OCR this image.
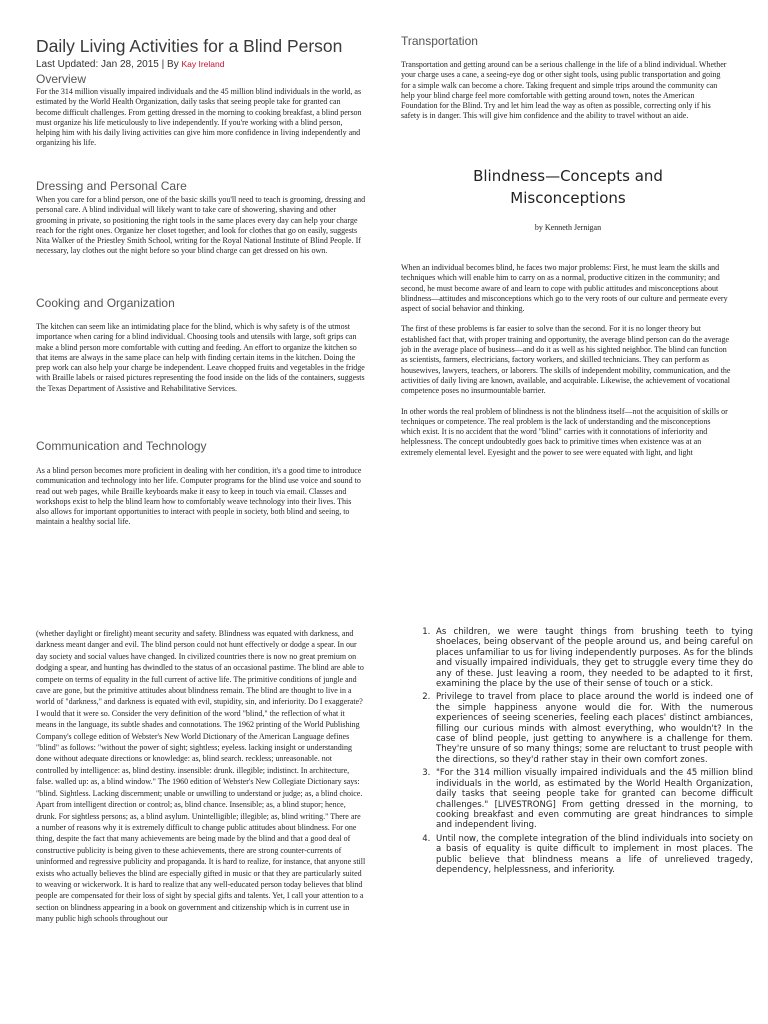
Daily Living Activities for a Blind Person
Last Updated: Jan 28, 2015 | By Kay Ireland
Overview
For the 314 million visually impaired individuals and the 45 million blind individuals in the world, as estimated by the World Health Organization, daily tasks that seeing people take for granted can become difficult challenges. From getting dressed in the morning to cooking breakfast, a blind person must organize his life meticulously to live independently. If you're working with a blind person, helping him with his daily living activities can give him more confidence in living independently and organizing his life.
Dressing and Personal Care
When you care for a blind person, one of the basic skills you'll need to teach is grooming, dressing and personal care. A blind individual will likely want to take care of showering, shaving and other grooming in private, so positioning the right tools in the same places every day can help your charge reach for the right ones. Organize her closet together, and look for clothes that go on easily, suggests Nita Walker of the Priestley Smith School, writing for the Royal National Institute of Blind People. If necessary, lay clothes out the night before so your blind charge can get dressed on his own.
Cooking and Organization
The kitchen can seem like an intimidating place for the blind, which is why safety is of the utmost importance when caring for a blind individual. Choosing tools and utensils with large, soft grips can make a blind person more comfortable with cutting and feeding. An effort to organize the kitchen so that items are always in the same place can help with finding certain items in the kitchen. Doing the prep work can also help your charge be independent. Leave chopped fruits and vegetables in the fridge with Braille labels or raised pictures representing the food inside on the lids of the containers, suggests the Texas Department of Assistive and Rehabilitative Services.
Communication and Technology
As a blind person becomes more proficient in dealing with her condition, it's a good time to introduce communication and technology into her life. Computer programs for the blind use voice and sound to read out web pages, while Braille keyboards make it easy to keep in touch via email. Classes and workshops exist to help the blind learn how to comfortably weave technology into their lives. This also allows for important opportunities to interact with people in society, both blind and seeing, to maintain a healthy social life.
Transportation
Transportation and getting around can be a serious challenge in the life of a blind individual. Whether your charge uses a cane, a seeing-eye dog or other sight tools, using public transportation and going for a simple walk can become a chore. Taking frequent and simple trips around the community can help your blind charge feel more comfortable with getting around town, notes the American Foundation for the Blind. Try and let him lead the way as often as possible, correcting only if his safety is in danger. This will give him confidence and the ability to travel without an aide.
Blindness—Concepts and Misconceptions
by Kenneth Jernigan

When an individual becomes blind, he faces two major problems: First, he must learn the skills and techniques which will enable him to carry on as a normal, productive citizen in the community; and second, he must become aware of and learn to cope with public attitudes and misconceptions about blindness—attitudes and misconceptions which go to the very roots of our culture and permeate every aspect of social behavior and thinking.

The first of these problems is far easier to solve than the second. For it is no longer theory but established fact that, with proper training and opportunity, the average blind person can do the average job in the average place of business—and do it as well as his sighted neighbor. The blind can function as scientists, farmers, electricians, factory workers, and skilled technicians. They can perform as housewives, lawyers, teachers, or laborers. The skills of independent mobility, communication, and the activities of daily living are known, available, and acquirable. Likewise, the achievement of vocational competence poses no insurmountable barrier.

In other words the real problem of blindness is not the blindness itself—not the acquisition of skills or techniques or competence. The real problem is the lack of understanding and the misconceptions which exist. It is no accident that the word "blind" carries with it connotations of inferiority and helplessness. The concept undoubtedly goes back to primitive times when existence was at an extremely elemental level. Eyesight and the power to see were equated with light, and light

(whether daylight or firelight) meant security and safety. Blindness was equated with darkness, and darkness meant danger and evil. The blind person could not hunt effectively or dodge a spear. In our day society and social values have changed. In civilized countries there is now no great premium on dodging a spear, and hunting has dwindled to the status of an occasional pastime. The blind are able to compete on terms of equality in the full current of active life. The primitive conditions of jungle and cave are gone, but the primitive attitudes about blindness remain. The blind are thought to live in a world of "darkness," and darkness is equated with evil, stupidity, sin, and inferiority. Do I exaggerate? I would that it were so. Consider the very definition of the word "blind," the reflection of what it means in the language, its subtle shades and connotations. The 1962 printing of the World Publishing Company's college edition of Webster's New World Dictionary of the American Language defines "blind" as follows: "without the power of sight; sightless; eyeless. lacking insight or understanding done without adequate directions or knowledge: as, blind search. reckless; unreasonable. not controlled by intelligence: as, blind destiny. insensible: drunk. illegible; indistinct. In architecture, false. walled up: as, a blind window." The 1960 edition of Webster's New Collegiate Dictionary says: "blind. Sightless. Lacking discernment; unable or unwilling to understand or judge; as, a blind choice. Apart from intelligent direction or control; as, blind chance. Insensible; as, a blind stupor; hence, drunk. For sightless persons; as, a blind asylum. Unintelligible; illegible; as, blind writing." There are a number of reasons why it is extremely difficult to change public attitudes about blindness. For one thing, despite the fact that many achievements are being made by the blind and that a good deal of constructive publicity is being given to these achievements, there are strong counter-currents of uninformed and regressive publicity and propaganda. It is hard to realize, for instance, that anyone still exists who actually believes the blind are especially gifted in music or that they are particularly suited to weaving or wickerwork. It is hard to realize that any well-educated person today believes that blind people are compensated for their loss of sight by special gifts and talents. Yet, I call your attention to a section on blindness appearing in a book on government and citizenship which is in current use in many public high schools throughout our
1. As children, we were taught things from brushing teeth to tying shoelaces, being observant of the people around us, and being careful on places unfamiliar to us for living independently purposes. As for the blinds and visually impaired individuals, they get to struggle every time they do any of these. Just leaving a room, they needed to be adapted to it first, examining the place by the use of their sense of touch or a stick.
2. Privilege to travel from place to place around the world is indeed one of the simple happiness anyone would die for. With the numerous experiences of seeing sceneries, feeling each places' distinct ambiances, filling our curious minds with almost everything, who wouldn't? In the case of blind people, just getting to anywhere is a challenge for them. They're unsure of so many things; some are reluctant to trust people with the directions, so they'd rather stay in their own comfort zones.
3. "For the 314 million visually impaired individuals and the 45 million blind individuals in the world, as estimated by the World Health Organization, daily tasks that seeing people take for granted can become difficult challenges." [LIVESTRONG] From getting dressed in the morning, to cooking breakfast and even commuting are great hindrances to simple and independent living.
4. Until now, the complete integration of the blind individuals into society on a basis of equality is quite difficult to implement in most places. The public believe that blindness means a life of unrelieved tragedy, dependency, helplessness, and inferiority.
